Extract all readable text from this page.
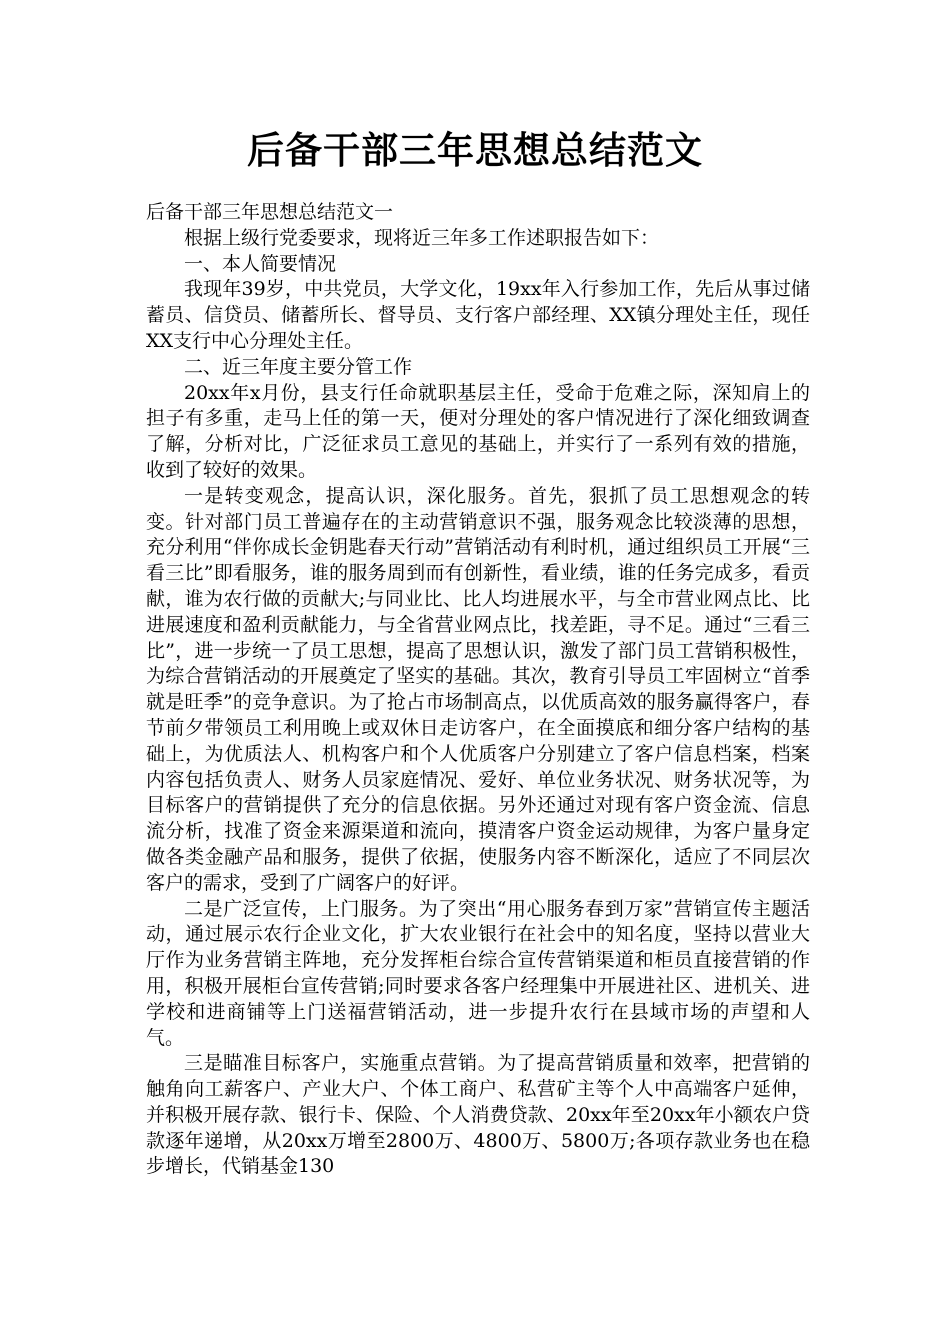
后备干部三年思想总结范文

后备干部三年思想总结范文一

根据上级行党委要求，现将近三年多工作述职报告如下：

一、本人简要情况

我现年39岁，中共党员，大学文化，19xx年入行参加工作，先后从事过储蓄员、信贷员、储蓄所长、督导员、支行客户部经理、XX镇分理处主任，现任XX支行中心分理处主任。

二、近三年度主要分管工作

20xx年x月份，县支行任命就职基层主任，受命于危难之际，深知肩上的担子有多重，走马上任的第一天，便对分理处的客户情况进行了深化细致调查了解，分析对比，广泛征求员工意见的基础上，并实行了一系列有效的措施，收到了较好的效果。

一是转变观念，提高认识，深化服务。首先，狠抓了员工思想观念的转变。针对部门员工普遍存在的主动营销意识不强，服务观念比较淡薄的思想，充分利用“伴你成长金钥匙春天行动”营销活动有利时机，通过组织员工开展“三看三比”即看服务，谁的服务周到而有创新性，看业绩，谁的任务完成多，看贡献，谁为农行做的贡献大;与同业比、比人均进展水平，与全市营业网点比、比进展速度和盈利贡献能力，与全省营业网点比，找差距，寻不足。通过“三看三比”，进一步统一了员工思想，提高了思想认识，激发了部门员工营销积极性，为综合营销活动的开展奠定了坚实的基础。其次，教育引导员工牢固树立“首季就是旺季”的竞争意识。为了抢占市场制高点，以优质高效的服务赢得客户，春节前夕带领员工利用晚上或双休日走访客户，在全面摸底和细分客户结构的基础上，为优质法人、机构客户和个人优质客户分别建立了客户信息档案，档案内容包括负责人、财务人员家庭情况、爱好、单位业务状况、财务状况等，为目标客户的营销提供了充分的信息依据。另外还通过对现有客户资金流、信息流分析，找准了资金来源渠道和流向，摸清客户资金运动规律，为客户量身定做各类金融产品和服务，提供了依据，使服务内容不断深化，适应了不同层次客户的需求，受到了广阔客户的好评。

二是广泛宣传，上门服务。为了突出“用心服务春到万家”营销宣传主题活动，通过展示农行企业文化，扩大农业银行在社会中的知名度，坚持以营业大厅作为业务营销主阵地，充分发挥柜台综合宣传营销渠道和柜员直接营销的作用，积极开展柜台宣传营销;同时要求各客户经理集中开展进社区、进机关、进学校和进商铺等上门送福营销活动，进一步提升农行在县域市场的声望和人气。

三是瞄准目标客户，实施重点营销。为了提高营销质量和效率，把营销的触角向工薪客户、产业大户、个体工商户、私营矿主等个人中高端客户延伸，并积极开展存款、银行卡、保险、个人消费贷款、20xx年至20xx年小额农户贷款逐年递增，从20xx万增至2800万、4800万、5800万;各项存款业务也在稳步增长，代销基金130
